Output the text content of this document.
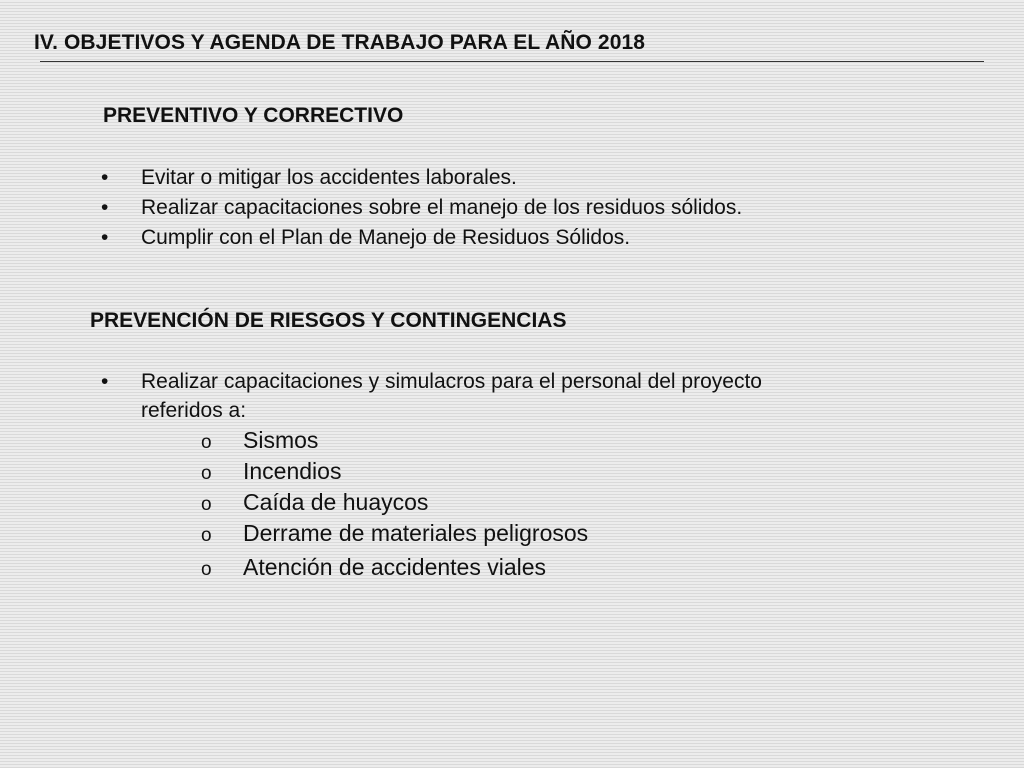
IV. OBJETIVOS Y AGENDA DE TRABAJO PARA EL AÑO 2018
PREVENTIVO Y CORRECTIVO
• Evitar o mitigar los accidentes laborales.
• Realizar capacitaciones sobre el manejo de los residuos sólidos.
• Cumplir con el Plan de Manejo de Residuos Sólidos.
PREVENCIÓN DE RIESGOS Y CONTINGENCIAS
• Realizar capacitaciones y simulacros para el personal del proyecto
referidos a:
o Sismos
o Incendios
o Caída de huaycos
o Derrame de materiales peligrosos
o Atención de accidentes viales
